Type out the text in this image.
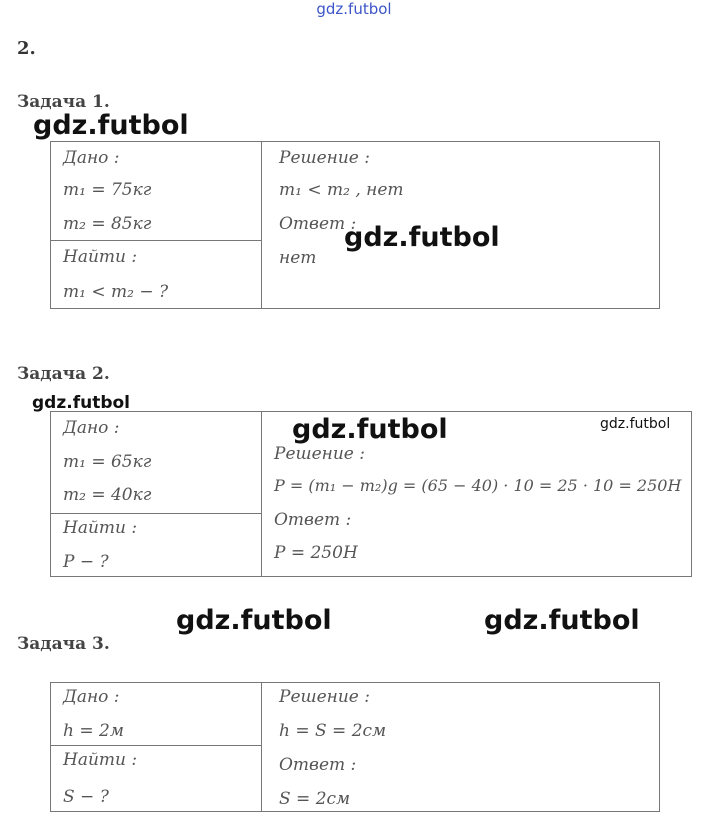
gdz.futbol
2.
Задача 1.
gdz.futbol
Дано :
m₁ = 75кг
m₂ = 85кг
Найти :
m₁ < m₂ − ?
Решение :
m₁ < m₂ , нет
Ответ :
нет
gdz.futbol
Задача 2.
gdz.futbol
Дано :
m₁ = 65кг
m₂ = 40кг
Найти :
P − ?
Решение :
P = (m₁ − m₂)g = (65 − 40) · 10 = 25 · 10 = 250H
Ответ :
P = 250H
gdz.futbol	gdz.futbol
gdz.futbol	gdz.futbol
Задача 3.
Дано :
h = 2м
Найти :
S − ?
Решение :
h = S = 2см
Ответ :
S = 2см
